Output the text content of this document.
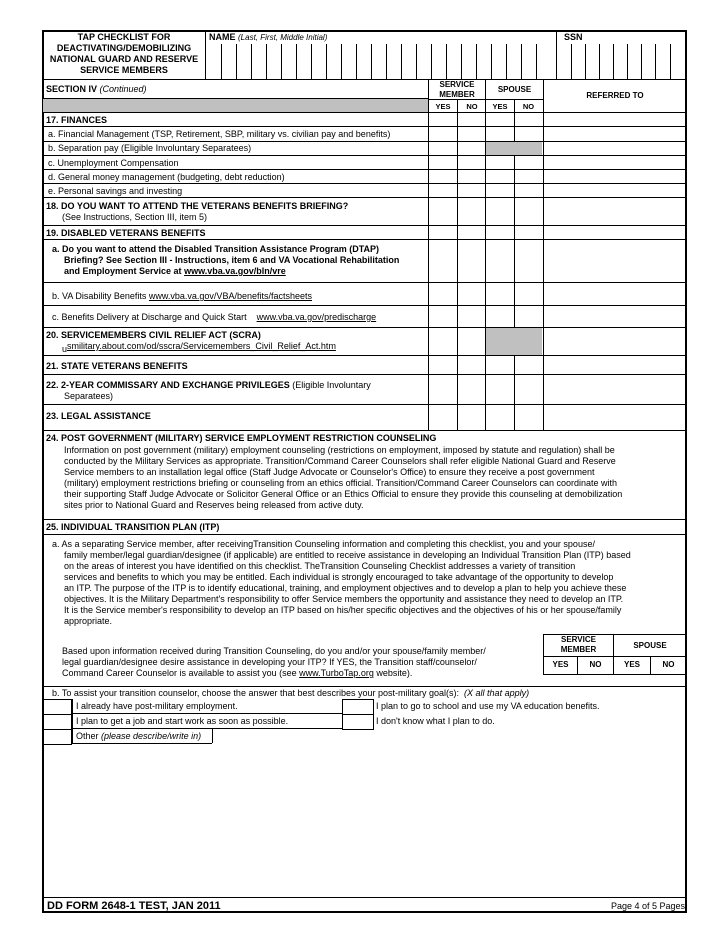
TAP CHECKLIST FOR
DEACTIVATING/DEMOBILIZING
NATIONAL GUARD AND RESERVE
SERVICE MEMBERS
NAME (Last, First, Middle Initial)	SSN
SECTION IV (Continued)	SERVICE
MEMBER
SPOUSE
REFERRED TO
YES	NO	YES	NO
17. FINANCES
a. Financial Management (TSP, Retirement, SBP, military vs. civilian pay and benefits)
b. Separation pay (Eligible Involuntary Separatees)
c. Unemployment Compensation
d. General money management (budgeting, debt reduction)
e. Personal savings and investing
18. DO YOU WANT TO ATTEND THE VETERANS BENEFITS BRIEFING?
(See Instructions, Section III, item 5)
19. DISABLED VETERANS BENEFITS
a. Do you want to attend the Disabled Transition Assistance Program (DTAP)
Briefing? See Section III - Instructions, item 6 and VA Vocational Rehabilitation
and Employment Service at www.vba.va.gov/bln/vre
b. VA Disability Benefits www.vba.va.gov/VBA/benefits/factsheets
c. Benefits Delivery at Discharge and Quick Start www.vba.va.gov/predischarge
20. SERVICEMEMBERS CIVIL RELIEF ACT (SCRA)
usmilitary.about.com/od/sscra/Servicemembers_Civil_Relief_Act.htm
21. STATE VETERANS BENEFITS
22. 2-YEAR COMMISSARY AND EXCHANGE PRIVILEGES (Eligible Involuntary
Separatees)
23. LEGAL ASSISTANCE
24. POST GOVERNMENT (MILITARY) SERVICE EMPLOYMENT RESTRICTION COUNSELING
Information on post government (military) employment counseling (restrictions on employment, imposed by statute and regulation) shall be
conducted by the Military Services as appropriate. Transition/Command Career Counselors shall refer eligible National Guard and Reserve
Service members to an installation legal office (Staff Judge Advocate or Counselor's Office) to ensure they receive a post government
(military) employment restrictions briefing or counseling from an ethics official. Transition/Command Career Counselors can coordinate with
their supporting Staff Judge Advocate or Solicitor General Office or an Ethics Official to ensure they provide this counseling at demobilization
sites prior to National Guard and Reserves being released from active duty.
25. INDIVIDUAL TRANSITION PLAN (ITP)
a. As a separating Service member, after receivingTransition Counseling information and completing this checklist, you and your spouse/
family member/legal guardian/designee (if applicable) are entitled to receive assistance in developing an Individual Transition Plan (ITP) based
on the areas of interest you have identified on this checklist. TheTransition Counseling Checklist addresses a variety of transition
services and benefits to which you may be entitled. Each individual is strongly encouraged to take advantage of the opportunity to develop
an ITP. The purpose of the ITP is to identify educational, training, and employment objectives and to develop a plan to help you achieve these
objectives. It is the Military Department's responsibility to offer Service members the opportunity and assistance they need to develop an ITP.
It is the Service member's responsibility to develop an ITP based on his/her specific objectives and the objectives of his or her spouse/family
appropriate.
Based upon information received during Transition Counseling, do you and/or your spouse/family member/
legal guardian/designee desire assistance in developing your ITP? If YES, the Transition staff/counselor/
Command Career Counselor is available to assist you (see www.TurboTap.org website).
SERVICE
MEMBER	SPOUSE
YES	NO	YES	NO
b. To assist your transition counselor, choose the answer that best describes your post-military goal(s): (X all that apply)
I already have post-military employment.
I plan to get a job and start work as soon as possible.
Other (please describe/write in)
I plan to go to school and use my VA education benefits.
I don't know what I plan to do.
DD FORM 2648-1 TEST, JAN 2011	Page 4 of 5 Pages
